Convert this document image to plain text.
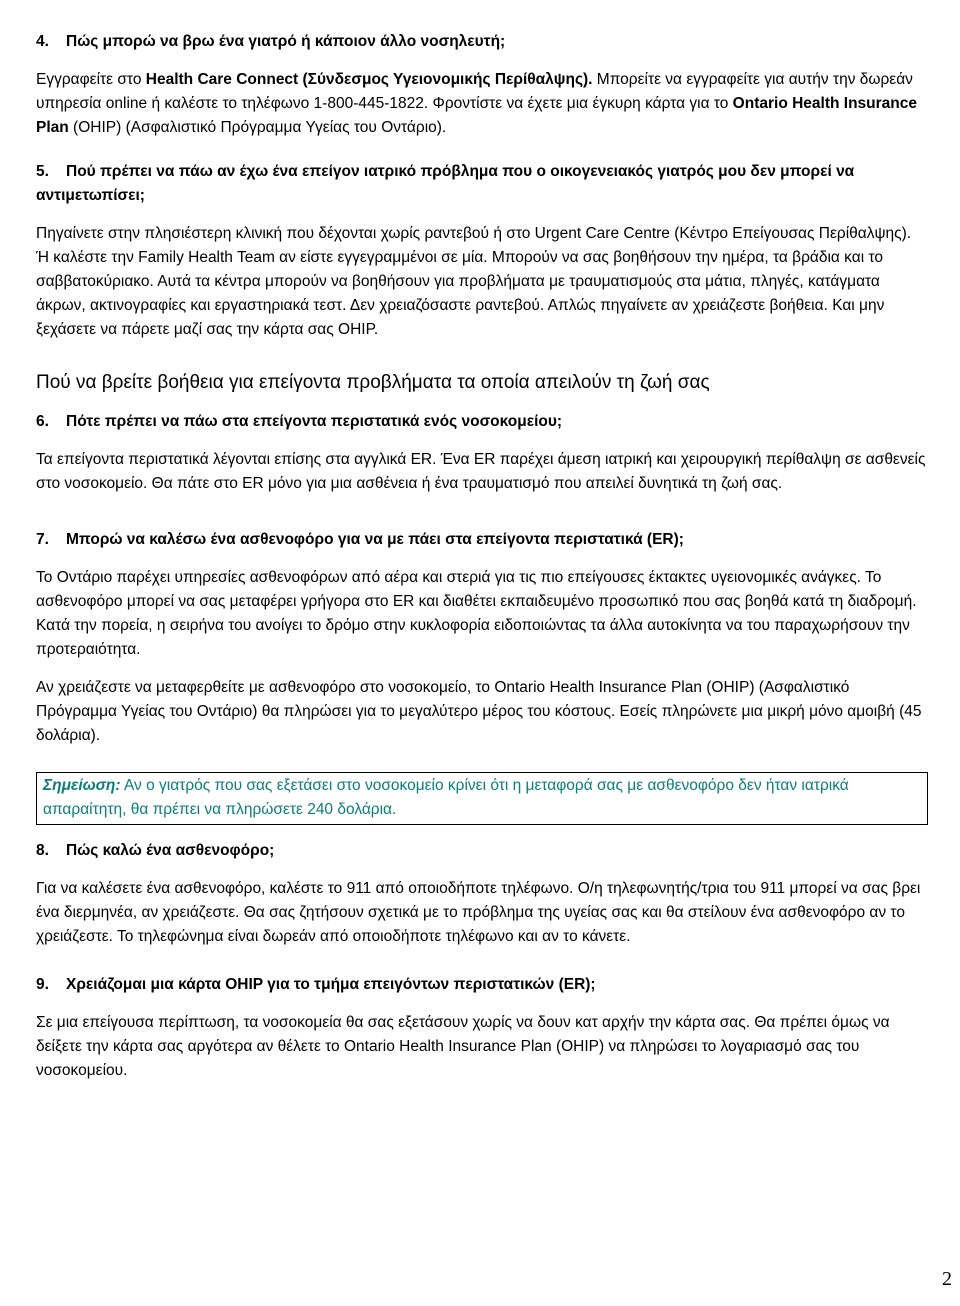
4. Πώς μπορώ να βρω ένα γιατρό ή κάποιον άλλο νοσηλευτή;

Εγγραφείτε στο Health Care Connect (Σύνδεσμος Υγειονομικής Περίθαλψης). Μπορείτε να εγγραφείτε για αυτήν την δωρεάν υπηρεσία online ή καλέστε το τηλέφωνο 1-800-445-1822. Φροντίστε να έχετε μια έγκυρη κάρτα για το Ontario Health Insurance Plan (OHIP) (Ασφαλιστικό Πρόγραμμα Υγείας του Οντάριο).

5. Πού πρέπει να πάω αν έχω ένα επείγον ιατρικό πρόβλημα που ο οικογενειακός γιατρός μου δεν μπορεί να αντιμετωπίσει;

Πηγαίνετε στην πλησιέστερη κλινική που δέχονται χωρίς ραντεβού ή στο Urgent Care Centre (Κέντρο Επείγουσας Περίθαλψης). Ή καλέστε την Family Health Team αν είστε εγγεγραμμένοι σε μία. Μπορούν να σας βοηθήσουν την ημέρα, τα βράδια και το σαββατοκύριακο. Αυτά τα κέντρα μπορούν να βοηθήσουν για προβλήματα με τραυματισμούς στα μάτια, πληγές, κατάγματα άκρων, ακτινογραφίες και εργαστηριακά τεστ. Δεν χρειαζόσαστε ραντεβού. Απλώς πηγαίνετε αν χρειάζεστε βοήθεια. Και μην ξεχάσετε να πάρετε μαζί σας την κάρτα σας OHIP.

Πού να βρείτε βοήθεια για επείγοντα προβλήματα τα οποία απειλούν τη ζωή σας

6. Πότε πρέπει να πάω στα επείγοντα περιστατικά ενός νοσοκομείου;

Τα επείγοντα περιστατικά λέγονται επίσης στα αγγλικά ER. Ένα ER παρέχει άμεση ιατρική και χειρουργική περίθαλψη σε ασθενείς στο νοσοκομείο. Θα πάτε στο ER μόνο για μια ασθένεια ή ένα τραυματισμό που απειλεί δυνητικά τη ζωή σας.

7. Μπορώ να καλέσω ένα ασθενοφόρο για να με πάει στα επείγοντα περιστατικά (ER);

Το Οντάριο παρέχει υπηρεσίες ασθενοφόρων από αέρα και στεριά για τις πιο επείγουσες έκτακτες υγειονομικές ανάγκες. Το ασθενοφόρο μπορεί να σας μεταφέρει γρήγορα στο ER και διαθέτει εκπαιδευμένο προσωπικό που σας βοηθά κατά τη διαδρομή. Κατά την πορεία, η σειρήνα του ανοίγει το δρόμο στην κυκλοφορία ειδοποιώντας τα άλλα αυτοκίνητα να του παραχωρήσουν την προτεραιότητα.

Αν χρειάζεστε να μεταφερθείτε με ασθενοφόρο στο νοσοκομείο, το Ontario Health Insurance Plan (OHIP) (Ασφαλιστικό Πρόγραμμα Υγείας του Οντάριο) θα πληρώσει για το μεγαλύτερο μέρος του κόστους. Εσείς πληρώνετε μια μικρή μόνο αμοιβή (45 δολάρια).

Σημείωση: Αν ο γιατρός που σας εξετάσει στο νοσοκομείο κρίνει ότι η μεταφορά σας με ασθενοφόρο δεν ήταν ιατρικά απαραίτητη, θα πρέπει να πληρώσετε 240 δολάρια.

8. Πώς καλώ ένα ασθενοφόρο;

Για να καλέσετε ένα ασθενοφόρο, καλέστε το 911 από οποιοδήποτε τηλέφωνο. Ο/η τηλεφωνητής/τρια του 911 μπορεί να σας βρει ένα διερμηνέα, αν χρειάζεστε. Θα σας ζητήσουν σχετικά με το πρόβλημα της υγείας σας και θα στείλουν ένα ασθενοφόρο αν το χρειάζεστε. Το τηλεφώνημα είναι δωρεάν από οποιοδήποτε τηλέφωνο και αν το κάνετε.

9. Χρειάζομαι μια κάρτα OHIP για το τμήμα επειγόντων περιστατικών (ER);

Σε μια επείγουσα περίπτωση, τα νοσοκομεία θα σας εξετάσουν χωρίς να δουν κατ αρχήν την κάρτα σας. Θα πρέπει όμως να δείξετε την κάρτα σας αργότερα αν θέλετε το Ontario Health Insurance Plan (OHIP) να πληρώσει το λογαριασμό σας του νοσοκομείου.

2
